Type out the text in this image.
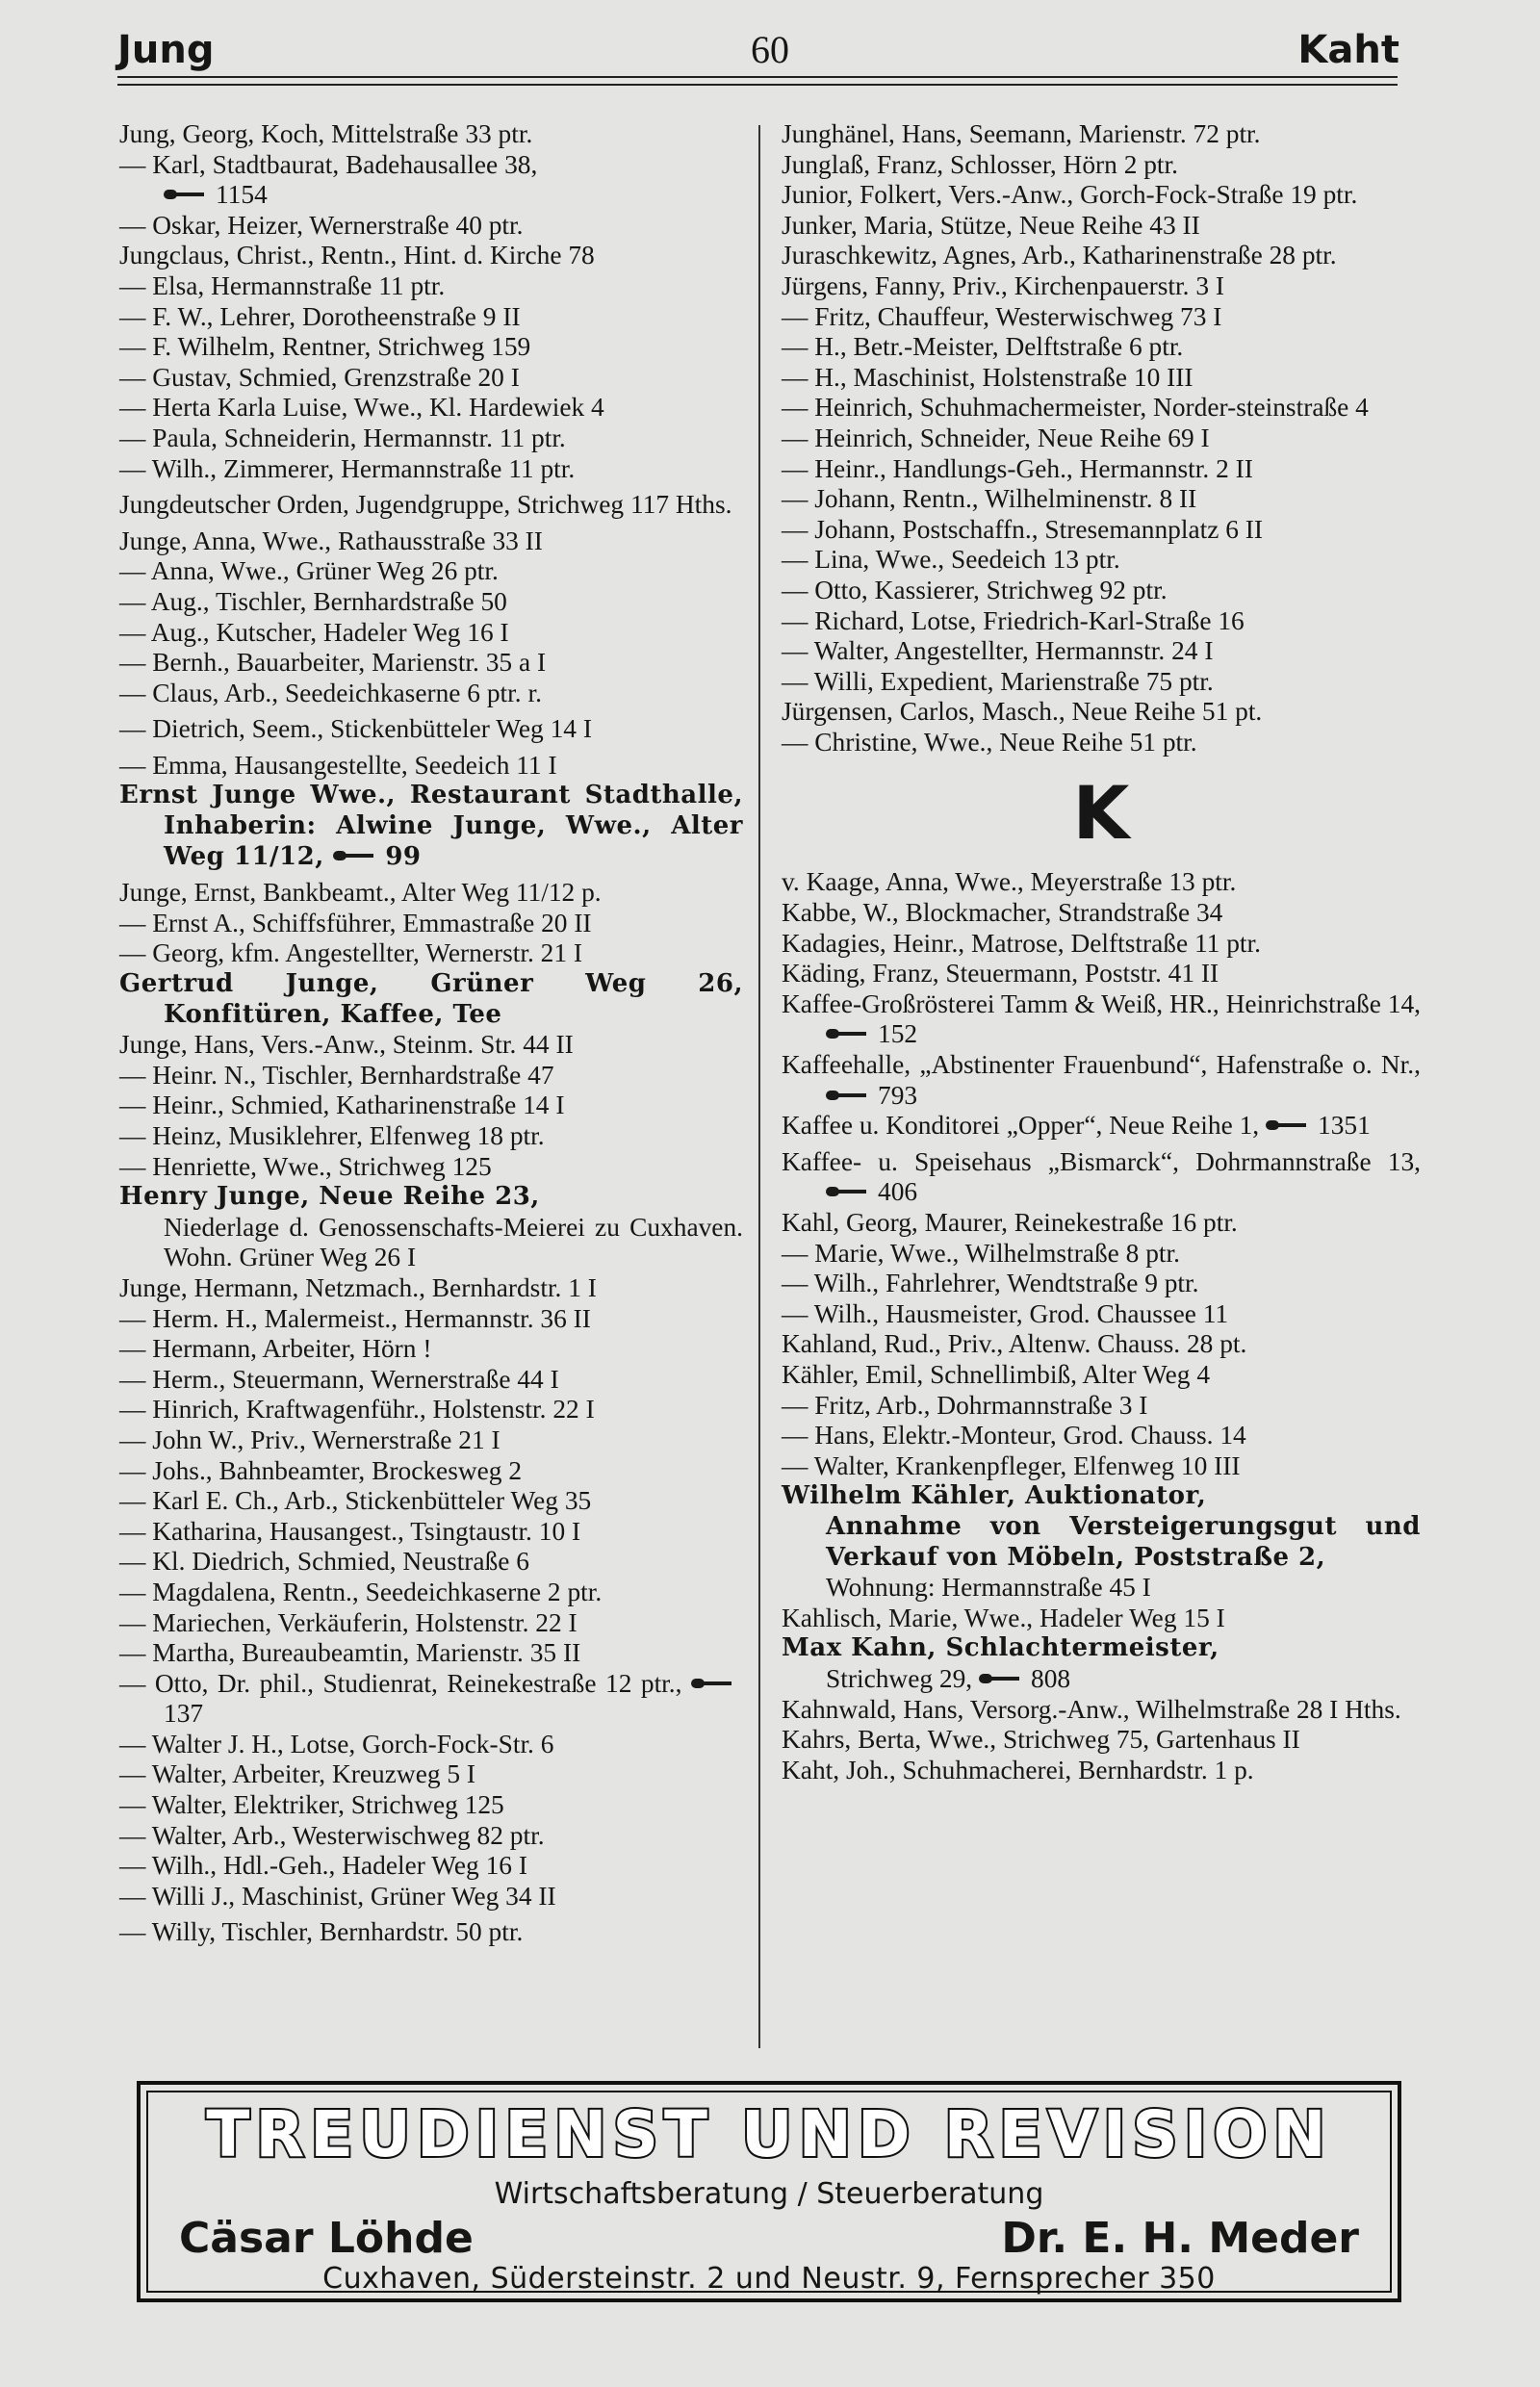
Jung	60	Kaht
Jung, Georg, Koch, Mittelstraße 33 ptr.
— Karl, Stadtbaurat, Badehausallee 38,
1154
— Oskar, Heizer, Wernerstraße 40 ptr.
Jungclaus, Christ., Rentn., Hint. d. Kirche 78
— Elsa, Hermannstraße 11 ptr.
— F. W., Lehrer, Dorotheenstraße 9 II
— F. Wilhelm, Rentner, Strichweg 159
— Gustav, Schmied, Grenzstraße 20 I
— Herta Karla Luise, Wwe., Kl. Hardewiek 4
— Paula, Schneiderin, Hermannstr. 11 ptr.
— Wilh., Zimmerer, Hermannstraße 11 ptr.
Jungdeutscher Orden, Jugendgruppe, Strichweg 117 Hths.
Junge, Anna, Wwe., Rathausstraße 33 II
— Anna, Wwe., Grüner Weg 26 ptr.
— Aug., Tischler, Bernhardstraße 50
— Aug., Kutscher, Hadeler Weg 16 I
— Bernh., Bauarbeiter, Marienstr. 35 a I
— Claus, Arb., Seedeichkaserne 6 ptr. r.
— Dietrich, Seem., Stickenbütteler Weg 14 I
— Emma, Hausangestellte, Seedeich 11 I
Ernst Junge Wwe., Restaurant Stadthalle, Inhaberin: Alwine Junge, Wwe., Alter Weg 11/12, 99
Junge, Ernst, Bankbeamt., Alter Weg 11/12 p.
— Ernst A., Schiffsführer, Emmastraße 20 II
— Georg, kfm. Angestellter, Wernerstr. 21 I
Gertrud Junge, Grüner Weg 26, Konfitüren, Kaffee, Tee
Junge, Hans, Vers.-Anw., Steinm. Str. 44 II
— Heinr. N., Tischler, Bernhardstraße 47
— Heinr., Schmied, Katharinenstraße 14 I
— Heinz, Musiklehrer, Elfenweg 18 ptr.
— Henriette, Wwe., Strichweg 125
Henry Junge, Neue Reihe 23,
Niederlage d. Genossenschafts-Meierei zu Cuxhaven. Wohn. Grüner Weg 26 I
Junge, Hermann, Netzmach., Bernhardstr. 1 I
— Herm. H., Malermeist., Hermannstr. 36 II
— Hermann, Arbeiter, Hörn !
— Herm., Steuermann, Wernerstraße 44 I
— Hinrich, Kraftwagenführ., Holstenstr. 22 I
— John W., Priv., Wernerstraße 21 I
— Johs., Bahnbeamter, Brockesweg 2
— Karl E. Ch., Arb., Stickenbütteler Weg 35
— Katharina, Hausangest., Tsingtaustr. 10 I
— Kl. Diedrich, Schmied, Neustraße 6
— Magdalena, Rentn., Seedeichkaserne 2 ptr.
— Mariechen, Verkäuferin, Holstenstr. 22 I
— Martha, Bureaubeamtin, Marienstr. 35 II
— Otto, Dr. phil., Studienrat, Reinekestraße 12 ptr., 137
— Walter J. H., Lotse, Gorch-Fock-Str. 6
— Walter, Arbeiter, Kreuzweg 5 I
— Walter, Elektriker, Strichweg 125
— Walter, Arb., Westerwischweg 82 ptr.
— Wilh., Hdl.-Geh., Hadeler Weg 16 I
— Willi J., Maschinist, Grüner Weg 34 II
— Willy, Tischler, Bernhardstr. 50 ptr.
Junghänel, Hans, Seemann, Marienstr. 72 ptr.
Junglaß, Franz, Schlosser, Hörn 2 ptr.
Junior, Folkert, Vers.-Anw., Gorch-Fock-Straße 19 ptr.
Junker, Maria, Stütze, Neue Reihe 43 II
Juraschkewitz, Agnes, Arb., Katharinenstraße 28 ptr.
Jürgens, Fanny, Priv., Kirchenpauerstr. 3 I
— Fritz, Chauffeur, Westerwischweg 73 I
— H., Betr.-Meister, Delftstraße 6 ptr.
— H., Maschinist, Holstenstraße 10 III
— Heinrich, Schuhmachermeister, Norder-steinstraße 4
— Heinrich, Schneider, Neue Reihe 69 I
— Heinr., Handlungs-Geh., Hermannstr. 2 II
— Johann, Rentn., Wilhelminenstr. 8 II
— Johann, Postschaffn., Stresemannplatz 6 II
— Lina, Wwe., Seedeich 13 ptr.
— Otto, Kassierer, Strichweg 92 ptr.
— Richard, Lotse, Friedrich-Karl-Straße 16
— Walter, Angestellter, Hermannstr. 24 I
— Willi, Expedient, Marienstraße 75 ptr.
Jürgensen, Carlos, Masch., Neue Reihe 51 pt.
— Christine, Wwe., Neue Reihe 51 ptr.
K
v. Kaage, Anna, Wwe., Meyerstraße 13 ptr.
Kabbe, W., Blockmacher, Strandstraße 34
Kadagies, Heinr., Matrose, Delftstraße 11 ptr.
Käding, Franz, Steuermann, Poststr. 41 II
Kaffee-Großrösterei Tamm & Weiß, HR., Heinrichstraße 14, 152
Kaffeehalle, „Abstinenter Frauenbund“, Hafenstraße o. Nr., 793
Kaffee u. Konditorei „Opper“, Neue Reihe 1, 1351
Kaffee- u. Speisehaus „Bismarck“, Dohrmannstraße 13, 406
Kahl, Georg, Maurer, Reinekestraße 16 ptr.
— Marie, Wwe., Wilhelmstraße 8 ptr.
— Wilh., Fahrlehrer, Wendtstraße 9 ptr.
— Wilh., Hausmeister, Grod. Chaussee 11
Kahland, Rud., Priv., Altenw. Chauss. 28 pt.
Kähler, Emil, Schnellimbiß, Alter Weg 4
— Fritz, Arb., Dohrmannstraße 3 I
— Hans, Elektr.-Monteur, Grod. Chauss. 14
— Walter, Krankenpfleger, Elfenweg 10 III
Wilhelm Kähler, Auktionator,
Annahme von Versteigerungsgut und Verkauf von Möbeln, Poststraße 2,
Wohnung: Hermannstraße 45 I
Kahlisch, Marie, Wwe., Hadeler Weg 15 I
Max Kahn, Schlachtermeister,
Strichweg 29, 808
Kahnwald, Hans, Versorg.-Anw., Wilhelmstraße 28 I Hths.
Kahrs, Berta, Wwe., Strichweg 75, Gartenhaus II
Kaht, Joh., Schuhmacherei, Bernhardstr. 1 p.
TREUDIENST UND REVISION
Wirtschaftsberatung / Steuerberatung
Cäsar Löhde	Dr. E. H. Meder
Cuxhaven, Südersteinstr. 2 und Neustr. 9, Fernsprecher 350
